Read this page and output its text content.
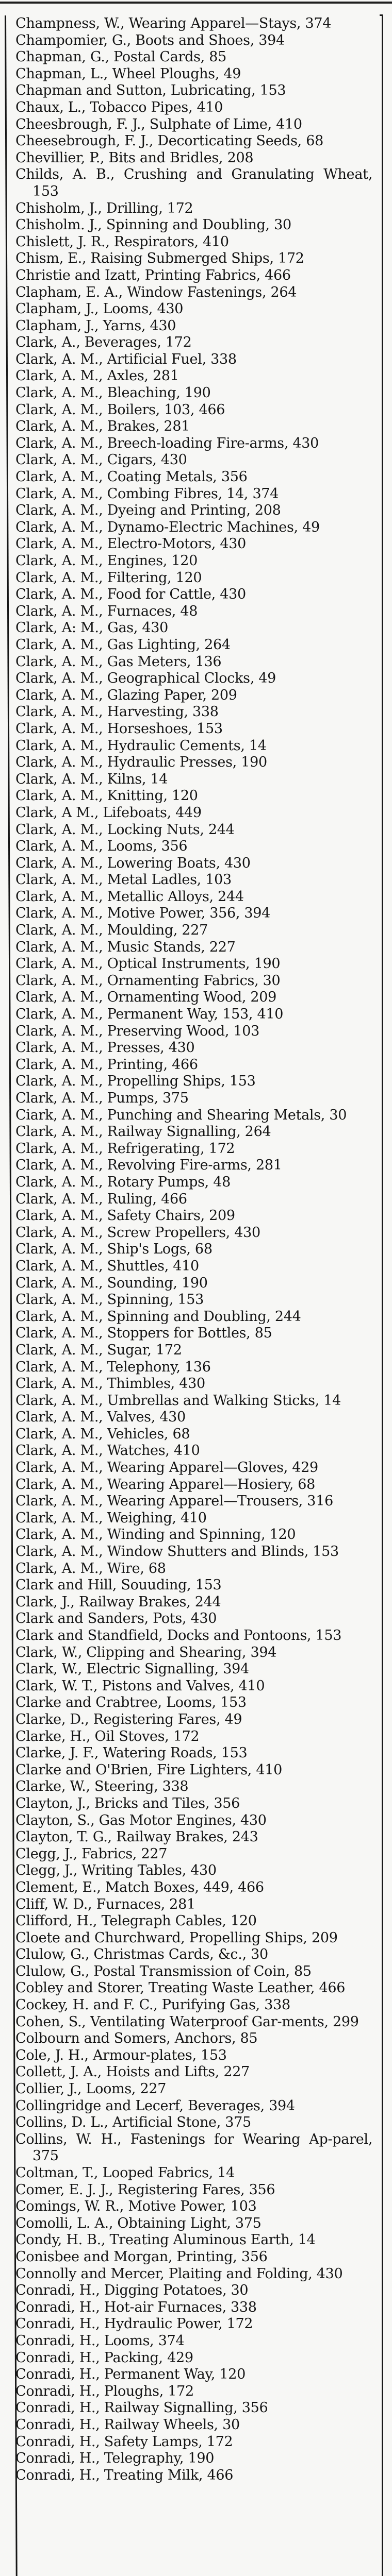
Champness, W., Wearing Apparel—Stays, 374
Champomier, G., Boots and Shoes, 394
Chapman, G., Postal Cards, 85
Chapman, L., Wheel Ploughs, 49
Chapman and Sutton, Lubricating, 153
Chaux, L., Tobacco Pipes, 410
Cheesbrough, F. J., Sulphate of Lime, 410
Cheesebrough, F. J., Decorticating Seeds, 68
Chevillier, P., Bits and Bridles, 208
Childs, A. B., Crushing and Granulating Wheat, 153
Chisholm, J., Drilling, 172
Chisholm. J., Spinning and Doubling, 30
Chislett, J. R., Respirators, 410
Chism, E., Raising Submerged Ships, 172
Christie and Izatt, Printing Fabrics, 466
Clapham, E. A., Window Fastenings, 264
Clapham, J., Looms, 430
Clapham, J., Yarns, 430
Clark, A., Beverages, 172
Clark, A. M., Artificial Fuel, 338
Clark, A. M., Axles, 281
Clark, A. M., Bleaching, 190
Clark, A. M., Boilers, 103, 466
Clark, A. M., Brakes, 281
Clark, A. M., Breech-loading Fire-arms, 430
Clark, A. M., Cigars, 430
Clark, A. M., Coating Metals, 356
Clark, A. M., Combing Fibres, 14, 374
Clark, A. M., Dyeing and Printing, 208
Clark, A. M., Dynamo-Electric Machines, 49
Clark, A. M., Electro-Motors, 430
Clark, A. M., Engines, 120
Clark, A. M., Filtering, 120
Clark, A. M., Food for Cattle, 430
Clark, A. M., Furnaces, 48
Clark, A: M., Gas, 430
Clark, A. M., Gas Lighting, 264
Clark, A. M., Gas Meters, 136
Clark, A. M., Geographical Clocks, 49
Clark, A. M., Glazing Paper, 209
Clark, A. M., Harvesting, 338
Clark, A. M., Horseshoes, 153
Clark, A. M., Hydraulic Cements, 14
Clark, A. M., Hydraulic Presses, 190
Clark, A. M., Kilns, 14
Clark, A. M., Knitting, 120
Clark, A M., Lifeboats, 449
Clark, A. M., Locking Nuts, 244
Clark, A. M., Looms, 356
Clark, A. M., Lowering Boats, 430
Clark, A. M., Metal Ladles, 103
Clark, A. M., Metallic Alloys, 244
Clark, A. M., Motive Power, 356, 394
Clark, A. M., Moulding, 227
Clark, A. M., Music Stands, 227
Clark, A. M., Optical Instruments, 190
Clark, A. M., Ornamenting Fabrics, 30
Clark, A. M., Ornamenting Wood, 209
Clark, A. M., Permanent Way, 153, 410
Clark, A. M., Preserving Wood, 103
Clark, A. M., Presses, 430
Clark, A. M., Printing, 466
Clark, A. M., Propelling Ships, 153
Clark, A. M., Pumps, 375
Ciark, A. M., Punching and Shearing Metals, 30
Clark, A. M., Railway Signalling, 264
Clark, A. M., Refrigerating, 172
Clark, A. M., Revolving Fire-arms, 281
Clark, A. M., Rotary Pumps, 48
Clark, A. M., Ruling, 466
Clark, A. M., Safety Chairs, 209
Clark, A. M., Screw Propellers, 430
Clark, A. M., Ship's Logs, 68
Clark, A. M., Shuttles, 410
Clark, A. M., Sounding, 190
Clark, A. M., Spinning, 153
Clark, A. M., Spinning and Doubling, 244
Clark, A. M., Stoppers for Bottles, 85
Clark, A. M., Sugar, 172
Clark, A. M., Telephony, 136
Clark, A. M., Thimbles, 430
Clark, A. M., Umbrellas and Walking Sticks, 14
Clark, A. M., Valves, 430
Clark, A. M., Vehicles, 68
Clark, A. M., Watches, 410
Clark, A. M., Wearing Apparel—Gloves, 429
Clark, A. M., Wearing Apparel—Hosiery, 68
Clark, A. M., Wearing Apparel—Trousers, 316
Clark, A. M., Weighing, 410
Clark, A. M., Winding and Spinning, 120
Clark, A. M., Window Shutters and Blinds, 153
Clark, A. M., Wire, 68
Clark and Hill, Souuding, 153
Clark, J., Railway Brakes, 244
Clark and Sanders, Pots, 430
Clark and Standfield, Docks and Pontoons, 153
Clark, W., Clipping and Shearing, 394
Clark, W., Electric Signalling, 394
Clark, W. T., Pistons and Valves, 410
Clarke and Crabtree, Looms, 153
Clarke, D., Registering Fares, 49
Clarke, H., Oil Stoves, 172
Clarke, J. F., Watering Roads, 153
Clarke and O'Brien, Fire Lighters, 410
Clarke, W., Steering, 338
Clayton, J., Bricks and Tiles, 356
Clayton, S., Gas Motor Engines, 430
Clayton, T. G., Railway Brakes, 243
Clegg, J., Fabrics, 227
Clegg, J., Writing Tables, 430
Clement, E., Match Boxes, 449, 466
Cliff, W. D., Furnaces, 281
Clifford, H., Telegraph Cables, 120
Cloete and Churchward, Propelling Ships, 209
Clulow, G., Christmas Cards, &c., 30
Clulow, G., Postal Transmission of Coin, 85
Cobley and Storer, Treating Waste Leather, 466
Cockey, H. and F. C., Purifying Gas, 338
Cohen, S., Ventilating Waterproof Gar-ments, 299
Colbourn and Somers, Anchors, 85
Cole, J. H., Armour-plates, 153
Collett, J. A., Hoists and Lifts, 227
Collier, J., Looms, 227
Collingridge and Lecerf, Beverages, 394
Collins, D. L., Artificial Stone, 375
Collins, W. H., Fastenings for Wearing Ap-parel, 375
Coltman, T., Looped Fabrics, 14
Comer, E. J. J., Registering Fares, 356
Comings, W. R., Motive Power, 103
Comolli, L. A., Obtaining Light, 375
Condy, H. B., Treating Aluminous Earth, 14
Conisbee and Morgan, Printing, 356
Connolly and Mercer, Plaiting and Folding, 430
Conradi, H., Digging Potatoes, 30
Conradi, H., Hot-air Furnaces, 338
Conradi, H., Hydraulic Power, 172
Conradi, H., Looms, 374
Conradi, H., Packing, 429
Conradi, H., Permanent Way, 120
Conradi, H., Ploughs, 172
Conradi, H., Railway Signalling, 356
Conradi, H., Railway Wheels, 30
Conradi, H., Safety Lamps, 172
Conradi, H., Telegraphy, 190
Conradi, H., Treating Milk, 466
